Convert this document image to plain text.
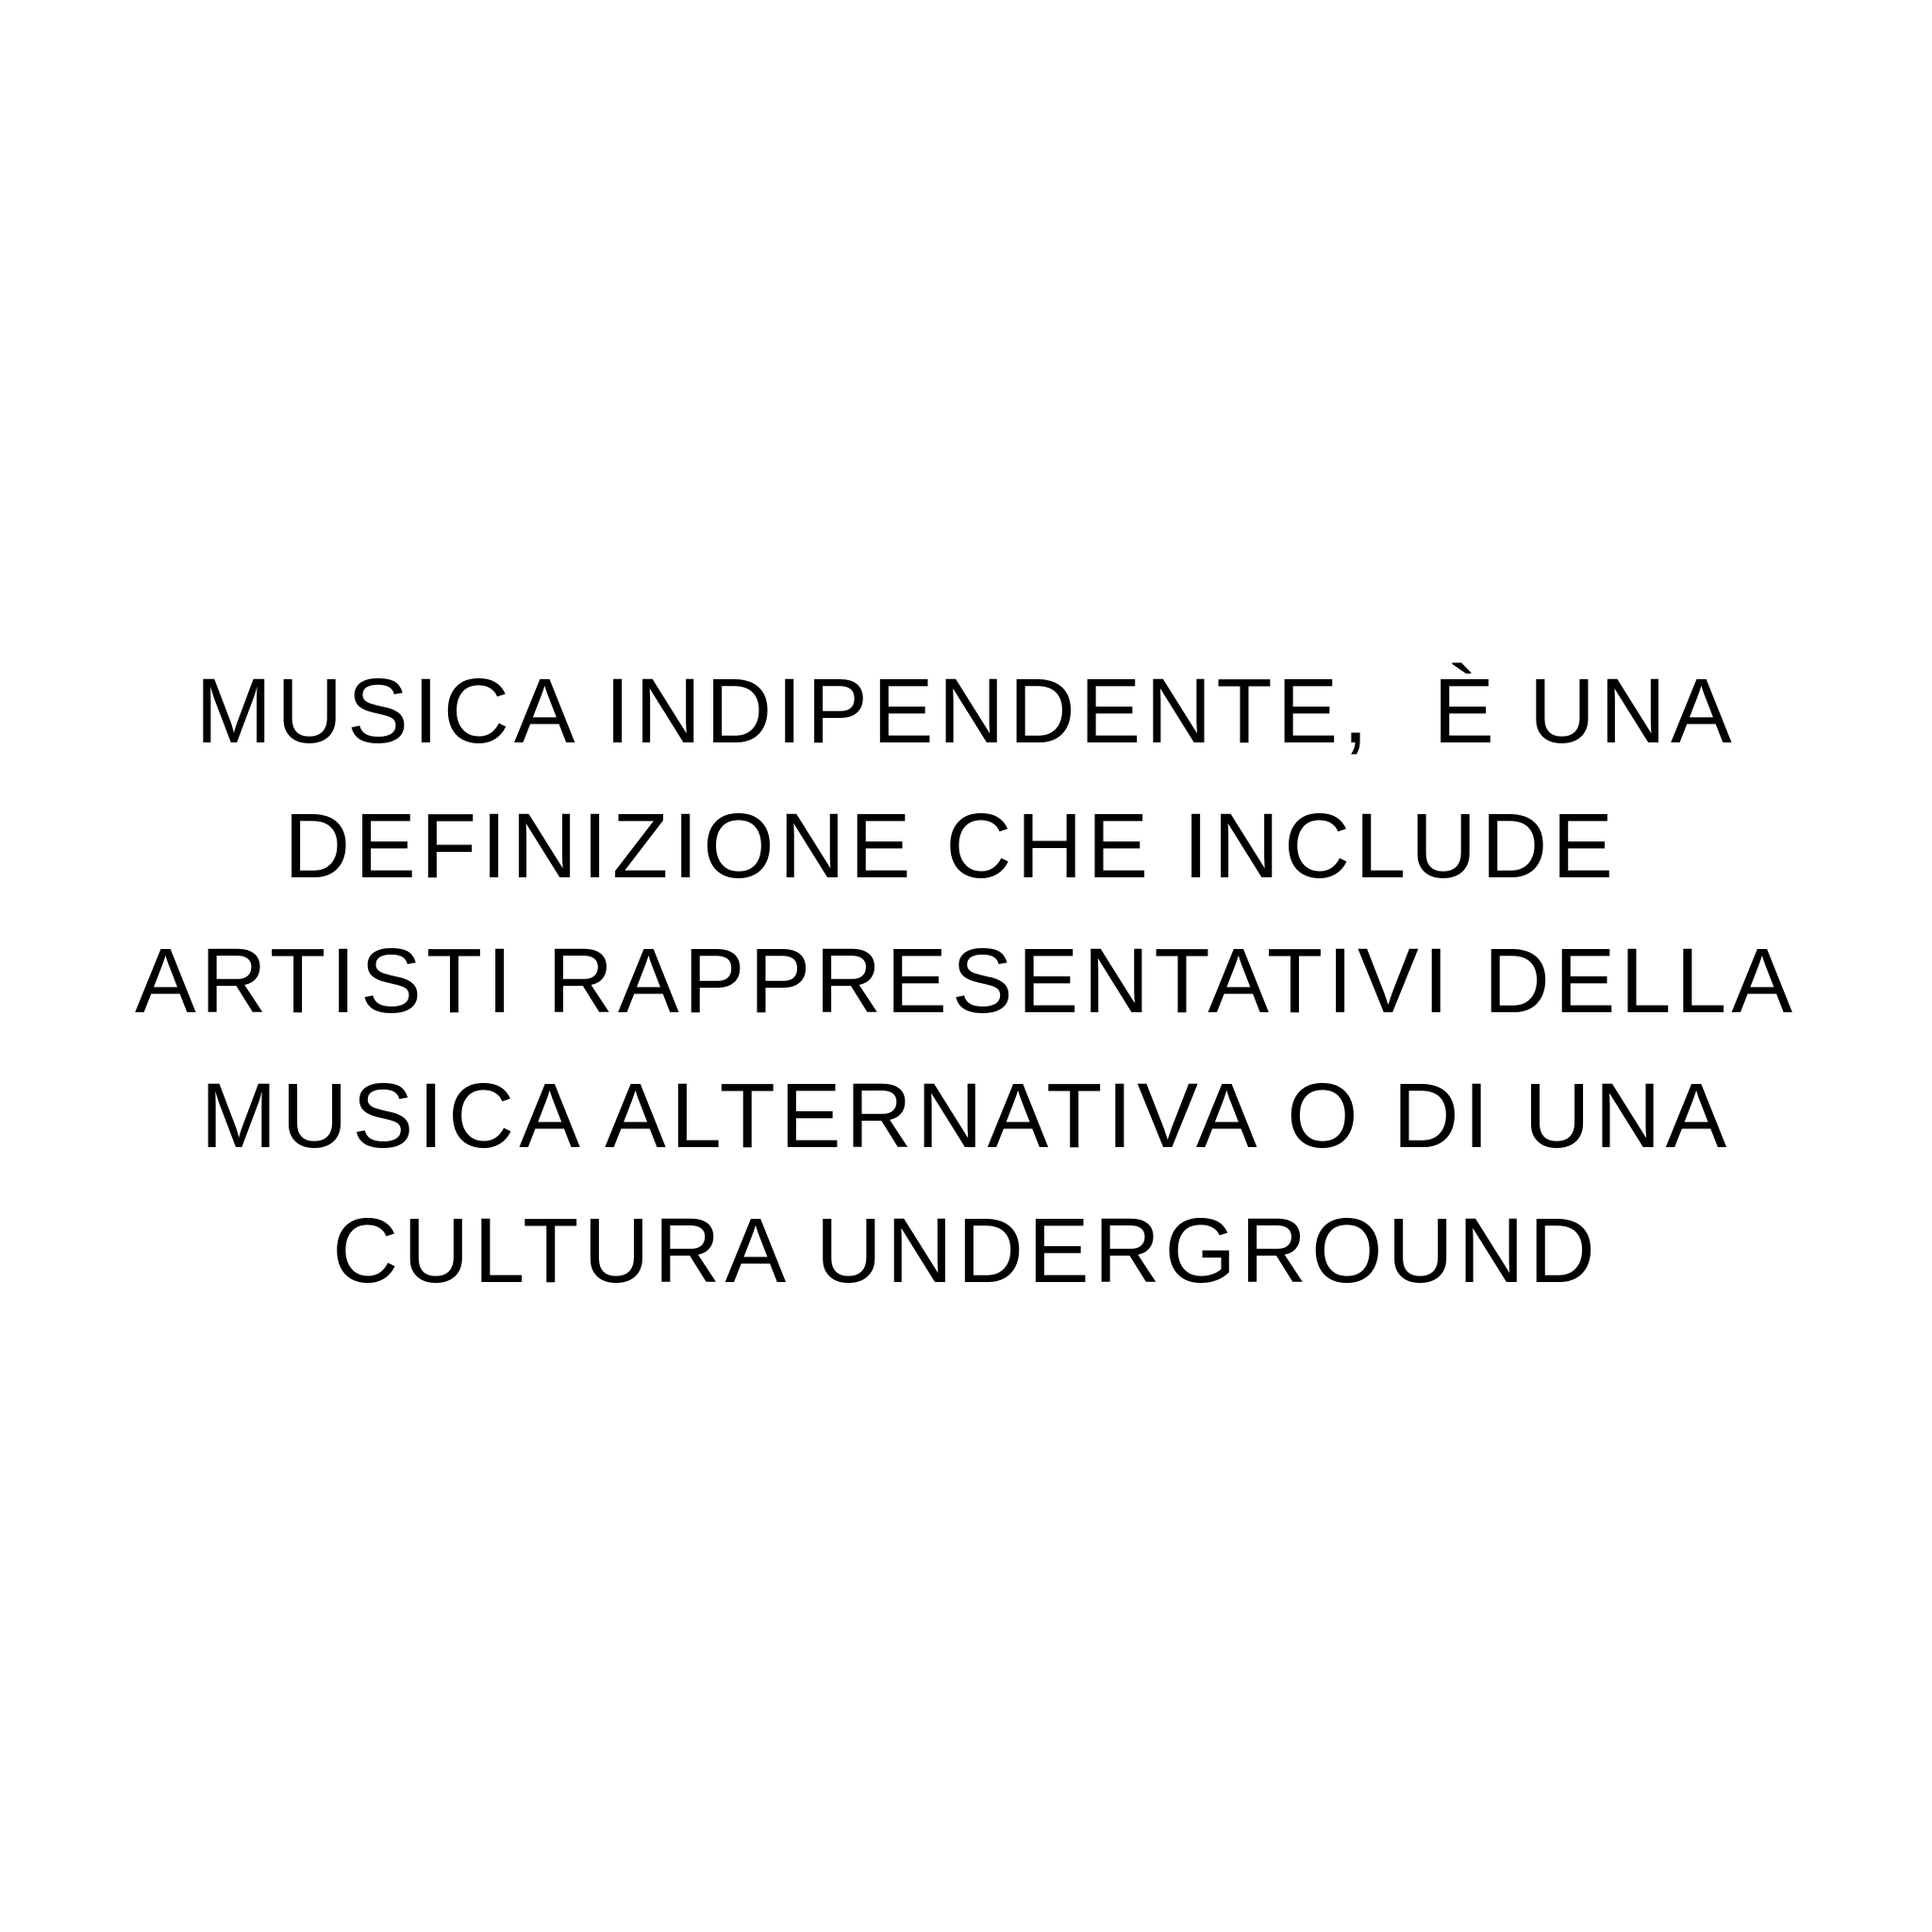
MUSICA INDIPENDENTE,  È UNA
DEFINIZIONE CHE INCLUDE
ARTISTI RAPPRESENTATIVI DELLA
MUSICA ALTERNATIVA O DI UNA
CULTURA UNDERGROUND
